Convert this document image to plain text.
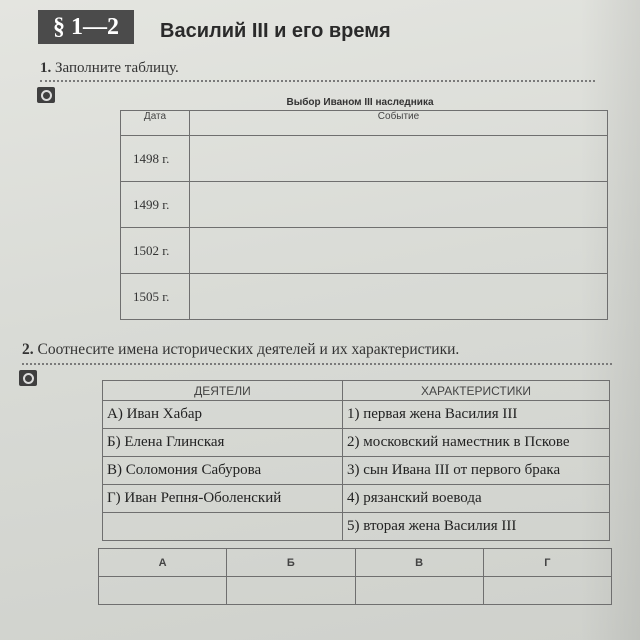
§ 1—2	Василий III и его время
1. Заполните таблицу.
Выбор Иваном III наследника
Дата	Событие
1498 г.	
1499 г.	
1502 г.	
1505 г.	
2. Соотнесите имена исторических деятелей и их характеристики.
ДЕЯТЕЛИ	ХАРАКТЕРИСТИКИ
А) Иван Хабар	1) первая жена Василия III
Б) Елена Глинская	2) московский наместник в Пскове
В) Соломония Сабурова	3) сын Ивана III от первого брака
Г) Иван Репня-Оболенский	4) рязанский воевода
	5) вторая жена Василия III
А	Б	В	Г
